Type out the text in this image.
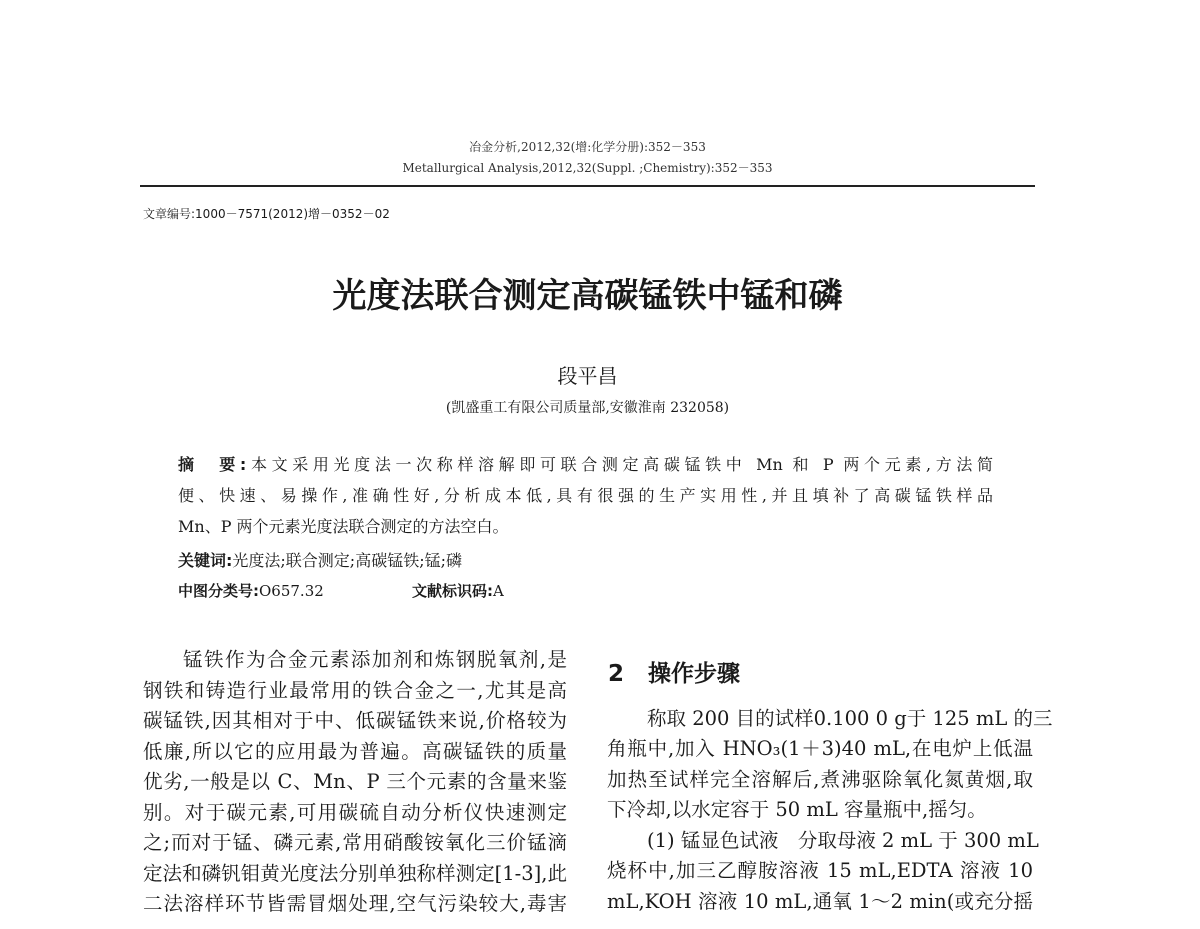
冶金分析,2012,32(增:化学分册):352－353
Metallurgical Analysis,2012,32(Suppl. ;Chemistry):352－353
文章编号:1000－7571(2012)增－0352－02
光度法联合测定高碳锰铁中锰和磷
段平昌
(凯盛重工有限公司质量部,安徽淮南 232058)
摘　要:本文采用光度法一次称样溶解即可联合测定高碳锰铁中 Mn 和 P 两个元素,方法简
便、快速、易操作,准确性好,分析成本低,具有很强的生产实用性,并且填补了高碳锰铁样品
Mn、P 两个元素光度法联合测定的方法空白。
关键词:光度法;联合测定;高碳锰铁;锰;磷
中图分类号:O657.32	文献标识码:A
锰铁作为合金元素添加剂和炼钢脱氧剂,是
钢铁和铸造行业最常用的铁合金之一,尤其是高
碳锰铁,因其相对于中、低碳锰铁来说,价格较为
低廉,所以它的应用最为普遍。高碳锰铁的质量
优劣,一般是以 C、Mn、P 三个元素的含量来鉴
别。对于碳元素,可用碳硫自动分析仪快速测定
之;而对于锰、磷元素,常用硝酸铵氧化三价锰滴
定法和磷钒钼黄光度法分别单独称样测定[1-3],此
二法溶样环节皆需冒烟处理,空气污染较大,毒害
2 操作步骤
称取 200 目的试样0.100 0 g于 125 mL 的三
角瓶中,加入 HNO₃(1＋3)40 mL,在电炉上低温
加热至试样完全溶解后,煮沸驱除氧化氮黄烟,取
下冷却,以水定容于 50 mL 容量瓶中,摇匀。
(1) 锰显色试液　分取母液 2 mL 于 300 mL
烧杯中,加三乙醇胺溶液 15 mL,EDTA 溶液 10
mL,KOH 溶液 10 mL,通氧 1～2 min(或充分摇
